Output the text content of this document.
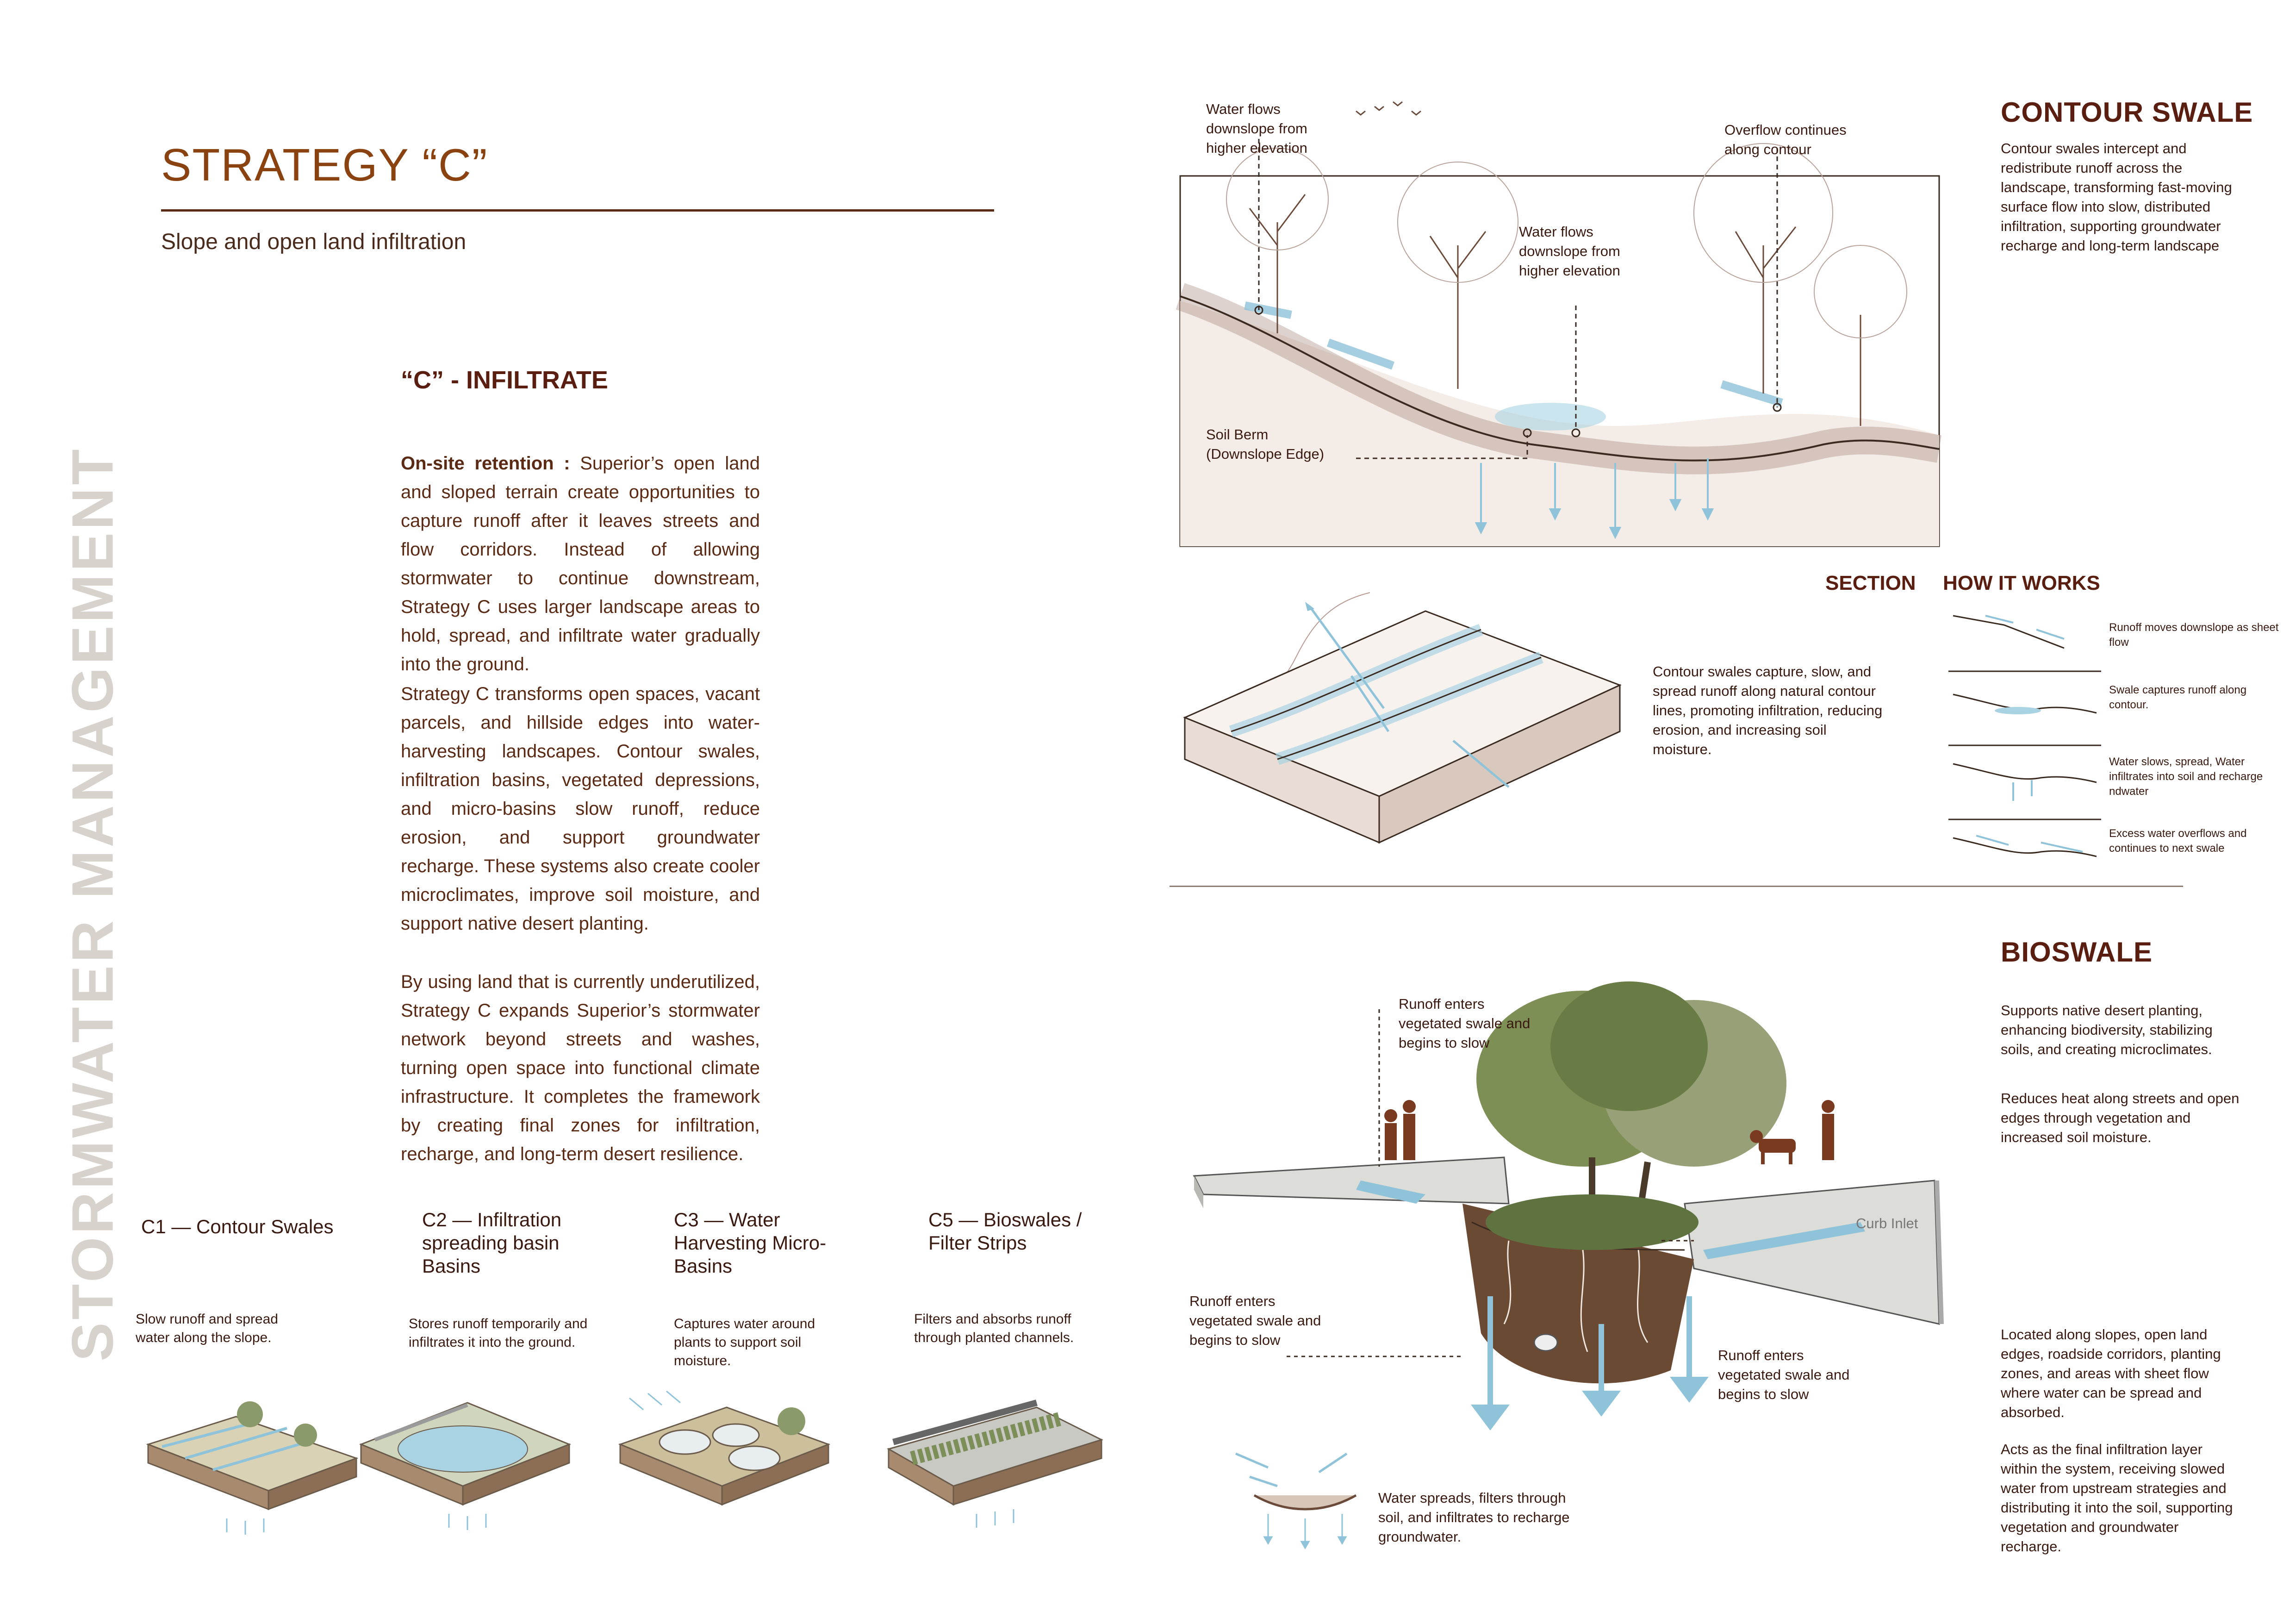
STRATEGY “C”
Slope and open land infiltration
STORMWATER MANAGEMENT
“C” - INFILTRATE
On-site retention : Superior’s open land and sloped terrain create opportunities to capture runoff after it leaves streets and flow corridors. Instead of allowing stormwater to continue downstream, Strategy C uses larger landscape areas to hold, spread, and infiltrate water gradually into the ground.
Strategy C transforms open spaces, vacant parcels, and hillside edges into water-harvesting landscapes. Contour swales, infiltration basins, vegetated depressions, and micro-basins slow runoff, reduce erosion, and support groundwater recharge. These systems also create cooler microclimates, improve soil moisture, and support native desert planting.
By using land that is currently underutilized, Strategy C expands Superior’s stormwater network beyond streets and washes, turning open space into functional climate infrastructure. It completes the framework by creating final zones for infiltration, recharge, and long-term desert resilience.
C1 — Contour Swales
Slow runoff and spread water along the slope.
C2 — Infiltration spreading basin Basins
Stores runoff temporarily and infiltrates it into the ground.
C3 — Water Harvesting Micro-Basins
Captures water around plants to support soil moisture.
C5 — Bioswales / Filter Strips
Filters and absorbs runoff through planted channels.
CONTOUR SWALE
Contour swales intercept and redistribute runoff across the landscape, transforming fast-moving surface flow into slow, distributed infiltration, supporting groundwater recharge and long-term landscape
Water flows downslope from higher elevation
Overflow continues along contour
Water flows downslope from higher elevation
Soil Berm (Downslope Edge)
SECTION HOW IT WORKS
Contour swales capture, slow, and spread runoff along natural contour lines, promoting infiltration, reducing erosion, and increasing soil moisture.
Runoff moves downslope as sheet flow
Swale captures runoff along contour.
Water slows, spread, Water infiltrates into soil and recharge ndwater
Excess water overflows and continues to next swale
BIOSWALE
Supports native desert planting, enhancing biodiversity, stabilizing soils, and creating microclimates.
Reduces heat along streets and open edges through vegetation and increased soil moisture.
Located along slopes, open land edges, roadside corridors, planting zones, and areas with sheet flow where water can be spread and absorbed.
Acts as the final infiltration layer within the system, receiving slowed water from upstream strategies and distributing it into the soil, supporting vegetation and groundwater recharge.
Runoff enters vegetated swale and begins to slow
Runoff enters vegetated swale and begins to slow
Runoff enters vegetated swale and begins to slow
Curb Inlet
Water spreads, filters through soil, and infiltrates to recharge groundwater.
